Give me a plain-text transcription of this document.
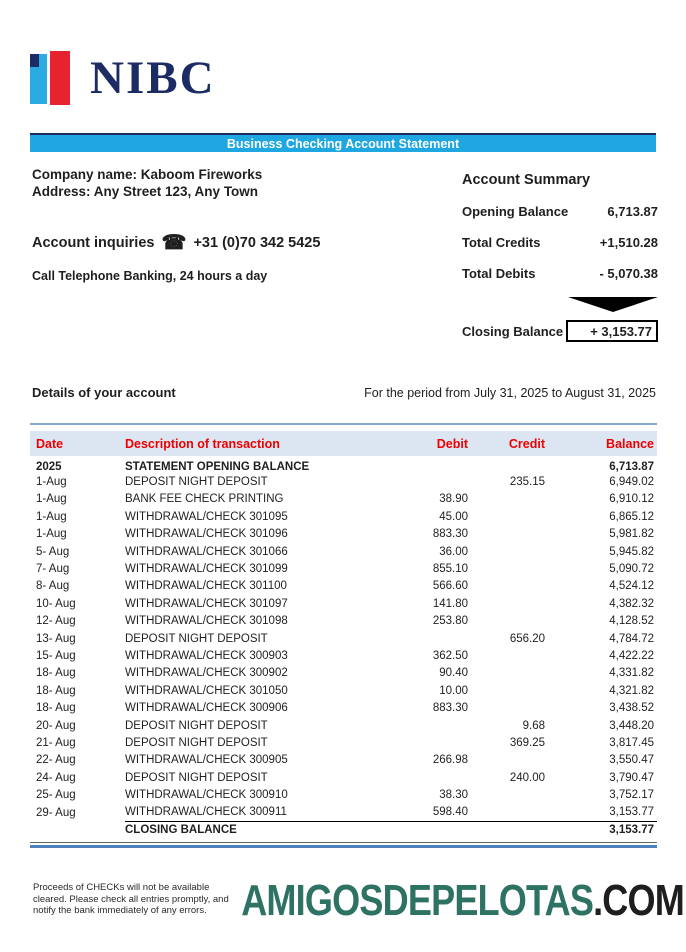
NIBC
Business Checking Account Statement
Company name: Kaboom Fireworks
Address: Any Street 123, Any Town
Account inquiries ☎ +31 (0)70 342 5425
Call Telephone Banking, 24 hours a day
Account Summary
Opening Balance	6,713.87
Total Credits	+1,510.28
Total Debits	- 5,070.38
Closing Balance	+ 3,153.77
Details of your account	For the period from July 31, 2025 to August 31, 2025
Date	Description of transaction	Debit	Credit	Balance
2025	STATEMENT OPENING BALANCE			6,713.87
1-Aug	DEPOSIT NIGHT DEPOSIT		235.15	6,949.02
1-Aug	BANK FEE CHECK PRINTING	38.90		6,910.12
1-Aug	WITHDRAWAL/CHECK 301095	45.00		6,865.12
1-Aug	WITHDRAWAL/CHECK 301096	883.30		5,981.82
5- Aug	WITHDRAWAL/CHECK 301066	36.00		5,945.82
7- Aug	WITHDRAWAL/CHECK 301099	855.10		5,090.72
8- Aug	WITHDRAWAL/CHECK 301100	566.60		4,524.12
10- Aug	WITHDRAWAL/CHECK 301097	141.80		4,382.32
12- Aug	WITHDRAWAL/CHECK 301098	253.80		4,128.52
13- Aug	DEPOSIT NIGHT DEPOSIT		656.20	4,784.72
15- Aug	WITHDRAWAL/CHECK 300903	362.50		4,422.22
18- Aug	WITHDRAWAL/CHECK 300902	90.40		4,331.82
18- Aug	WITHDRAWAL/CHECK 301050	10.00		4,321.82
18- Aug	WITHDRAWAL/CHECK 300906	883.30		3,438.52
20- Aug	DEPOSIT NIGHT DEPOSIT		9.68	3,448.20
21- Aug	DEPOSIT NIGHT DEPOSIT		369.25	3,817.45
22- Aug	WITHDRAWAL/CHECK 300905	266.98		3,550.47
24- Aug	DEPOSIT NIGHT DEPOSIT		240.00	3,790.47
25- Aug	WITHDRAWAL/CHECK 300910	38.30		3,752.17
29- Aug	WITHDRAWAL/CHECK 300911	598.40		3,153.77
	CLOSING BALANCE			3,153.77
Proceeds of CHECKs will not be available
cleared. Please check all entries promptly, and
notify the bank immediately of any errors. AMIGOSDEPELOTAS.COM
